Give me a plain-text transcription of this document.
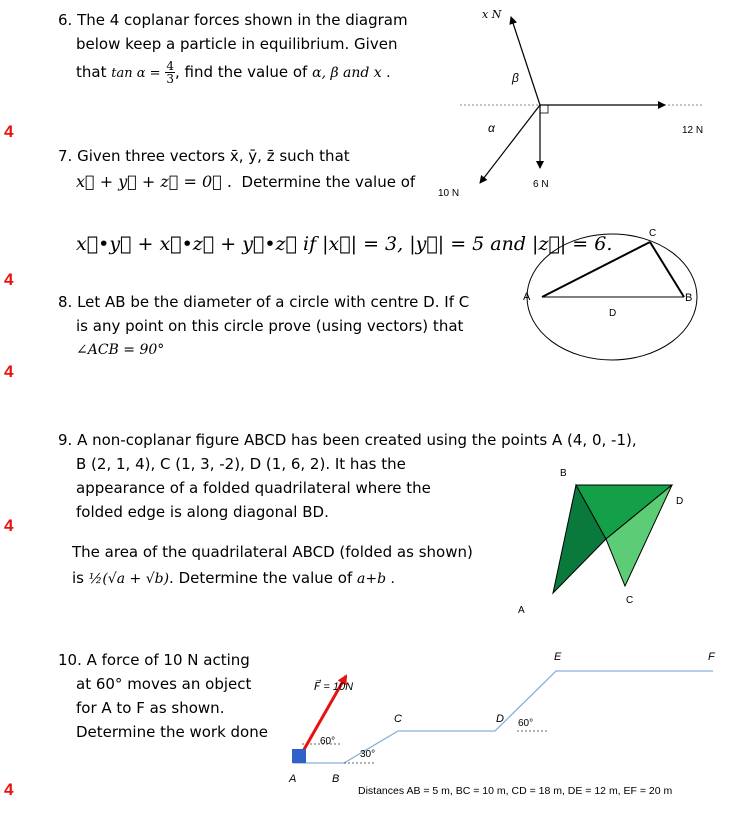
4
4
4
4
4
6. The 4 coplanar forces shown in the diagram
below keep a particle in equilibrium. Given
that $\tan \alpha = \frac{4}{3}$ , find the value of α, β and x .
x N
β
α	12 N
10 N
6 N
7. Given three vectors x̄, ȳ, z̄ such that
x⃗ + y⃗ + z⃗ = 0⃗ . Determine the value of
x⃗•y⃗ + x⃗•z⃗ + y⃗•z⃗ if |x⃗| = 3, |y⃗| = 5 and |z⃗| = 6.
8. Let AB be the diameter of a circle with centre D. If C
is any point on this circle prove (using vectors) that
∠ACB = 90°
A	B
C
D
9. A non-coplanar figure ABCD has been created using the points A (4, 0, -1),
B (2, 1, 4), C (1, 3, -2), D (1, 6, 2). It has the
appearance of a folded quadrilateral where the
folded edge is along diagonal BD.
The area of the quadrilateral ABCD (folded as shown)
is ½(√a + √b). Determine the value of a+b .
B
D
C
A
10. A force of 10 N acting
at 60° moves an object
for A to F as shown.
Determine the work done
F⃗ = 10N
60°
30°
60°
A	B
C	D
E	F
Distances AB = 5 m, BC = 10 m, CD = 18 m, DE = 12 m, EF = 20 m
